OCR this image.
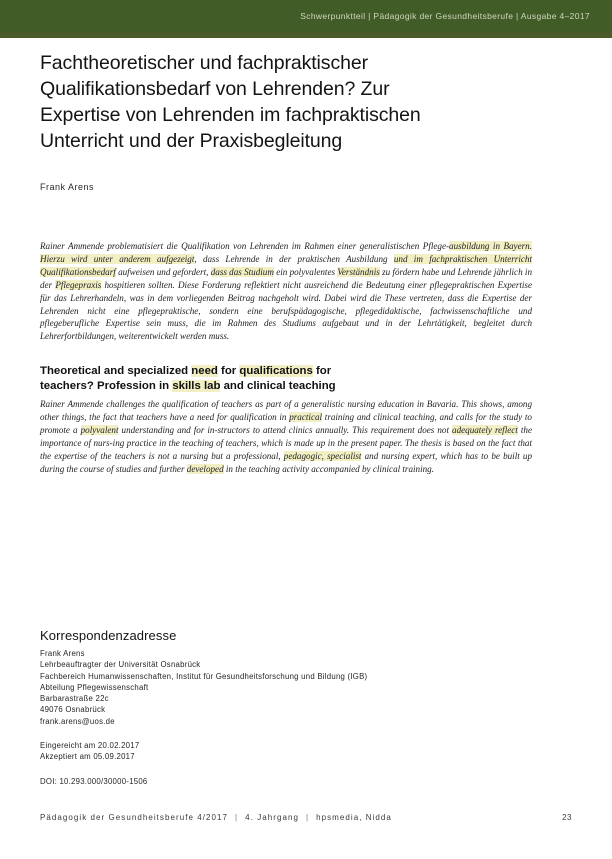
Schwerpunktteil | Pädagogik der Gesundheitsberufe | Ausgabe 4–2017
Fachtheoretischer und fachpraktischer
Qualifikationsbedarf von Lehrenden? Zur
Expertise von Lehrenden im fachpraktischen
Unterricht und der Praxisbegleitung
Frank Arens

Rainer Ammende problematisiert die Qualifikation von Lehrenden im Rahmen einer generalistischen Pflege-ausbildung in Bayern. Hierzu wird unter anderem aufgezeigt, dass Lehrende in der praktischen Ausbildung und im fachpraktischen Unterricht Qualifikationsbedarf aufweisen und gefordert, dass das Studium ein polyvalentes Verständnis zu fördern habe und Lehrende jährlich in der Pflegepraxis hospitieren sollten. Diese Forderung reflektiert nicht ausreichend die Bedeutung einer pflegepraktischen Expertise für das Lehrerhandeln, was in dem vorliegenden Beitrag nachgeholt wird. Dabei wird die These vertreten, dass die Expertise der Lehrenden nicht eine pflegepraktische, sondern eine berufspädagogische, pflegedidaktische, fachwissenschaftliche und pflegeberufliche Expertise sein muss, die im Rahmen des Studiums aufgebaut und in der Lehrtätigkeit, begleitet durch Lehrerfortbildungen, weiterentwickelt werden muss.

Theoretical and specialized need for qualifications for
teachers? Profession in skills lab and clinical teaching

Rainer Ammende challenges the qualification of teachers as part of a generalistic nursing education in Bavaria. This shows, among other things, the fact that teachers have a need for qualification in practical training and clinical teaching, and calls for the study to promote a polyvalent understanding and for in-structors to attend clinics annually. This requirement does not adequately reflect the importance of nurs-ing practice in the teaching of teachers, which is made up in the present paper. The thesis is based on the fact that the expertise of the teachers is not a nursing but a professional, pedagogic, specialist and nursing expert, which has to be built up during the course of studies and further developed in the teaching activity accompanied by clinical training.

Korrespondenzadresse
Frank Arens
Lehrbeauftragter der Universität Osnabrück
Fachbereich Humanwissenschaften, Institut für Gesundheitsforschung und Bildung (IGB)
Abteilung Pflegewissenschaft
Barbarastraße 22c
49076 Osnabrück
frank.arens@uos.de
Eingereicht am 20.02.2017
Akzeptiert am 05.09.2017
DOI: 10.293.000/30000-1506
Pädagogik der Gesundheitsberufe 4/2017 | 4. Jahrgang | hpsmedia, Nidda	23
